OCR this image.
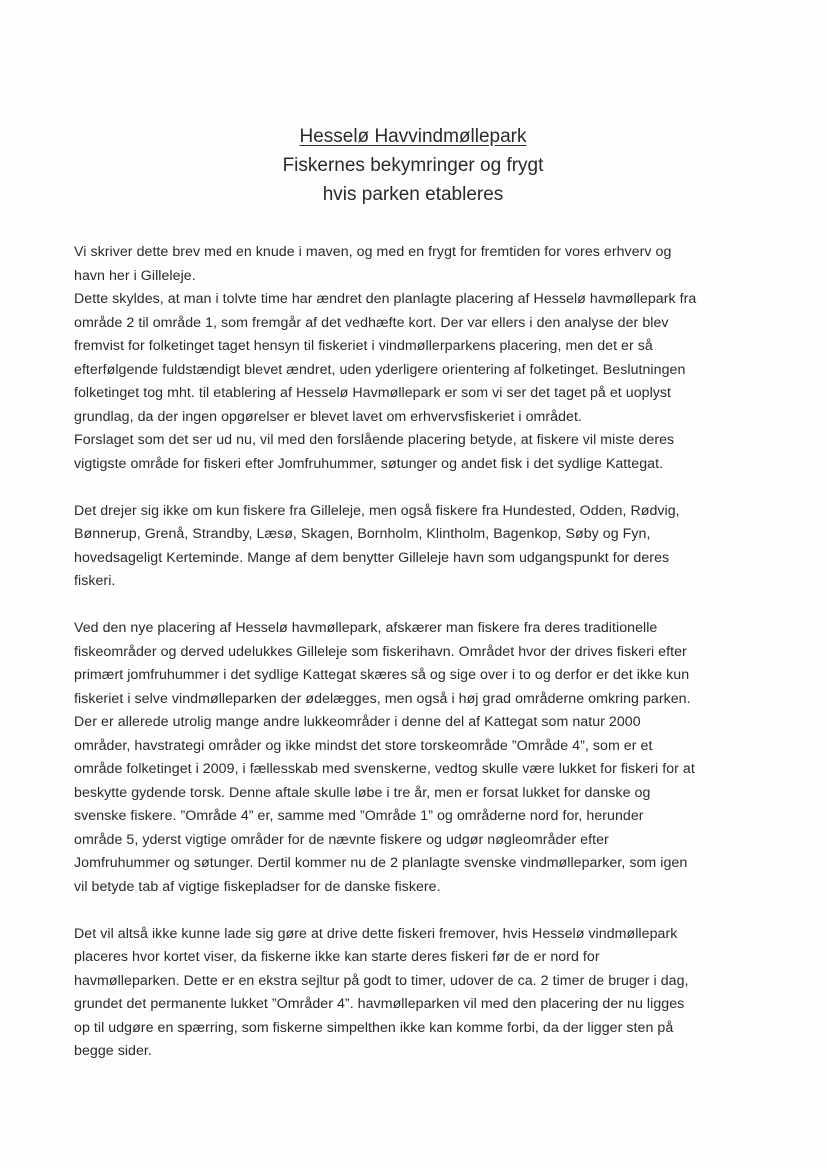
Hesselø Havvindmøllepark
Fiskernes bekymringer og frygt
hvis parken etableres
Vi skriver dette brev med en knude i maven, og med en frygt for fremtiden for vores erhverv og
havn her i Gilleleje.
Dette skyldes, at man i tolvte time har ændret den planlagte placering af Hesselø havmøllepark fra
område 2 til område 1, som fremgår af det vedhæfte kort. Der var ellers i den analyse der blev
fremvist for folketinget taget hensyn til fiskeriet i vindmøllerparkens placering, men det er så
efterfølgende fuldstændigt blevet ændret, uden yderligere orientering af folketinget. Beslutningen
folketinget tog mht. til etablering af Hesselø Havmøllepark er som vi ser det taget på et uoplyst
grundlag, da der ingen opgørelser er blevet lavet om erhvervsfiskeriet i området.
Forslaget som det ser ud nu, vil med den forslående placering betyde, at fiskere vil miste deres
vigtigste område for fiskeri efter Jomfruhummer, søtunger og andet fisk i det sydlige Kattegat.
Det drejer sig ikke om kun fiskere fra Gilleleje, men også fiskere fra Hundested, Odden, Rødvig,
Bønnerup, Grenå, Strandby, Læsø, Skagen, Bornholm, Klintholm, Bagenkop, Søby og Fyn,
hovedsageligt Kerteminde. Mange af dem benytter Gilleleje havn som udgangspunkt for deres
fiskeri.
Ved den nye placering af Hesselø havmøllepark, afskærer man fiskere fra deres traditionelle
fiskeområder og derved udelukkes Gilleleje som fiskerihavn. Området hvor der drives fiskeri efter
primært jomfruhummer i det sydlige Kattegat skæres så og sige over i to og derfor er det ikke kun
fiskeriet i selve vindmølleparken der ødelægges, men også i høj grad områderne omkring parken.
Der er allerede utrolig mange andre lukkeområder i denne del af Kattegat som natur 2000
områder, havstrategi områder og ikke mindst det store torskeområde ”Område 4”, som er et
område folketinget i 2009, i fællesskab med svenskerne, vedtog skulle være lukket for fiskeri for at
beskytte gydende torsk. Denne aftale skulle løbe i tre år, men er forsat lukket for danske og
svenske fiskere. ”Område 4” er, samme med ”Område 1” og områderne nord for, herunder
område 5, yderst vigtige områder for de nævnte fiskere og udgør nøgleområder efter
Jomfruhummer og søtunger. Dertil kommer nu de 2 planlagte svenske vindmølleparker, som igen
vil betyde tab af vigtige fiskepladser for de danske fiskere.
Det vil altså ikke kunne lade sig gøre at drive dette fiskeri fremover, hvis Hesselø vindmøllepark
placeres hvor kortet viser, da fiskerne ikke kan starte deres fiskeri før de er nord for
havmølleparken. Dette er en ekstra sejltur på godt to timer, udover de ca. 2 timer de bruger i dag,
grundet det permanente lukket ”Områder 4”. havmølleparken vil med den placering der nu ligges
op til udgøre en spærring, som fiskerne simpelthen ikke kan komme forbi, da der ligger sten på
begge sider.
